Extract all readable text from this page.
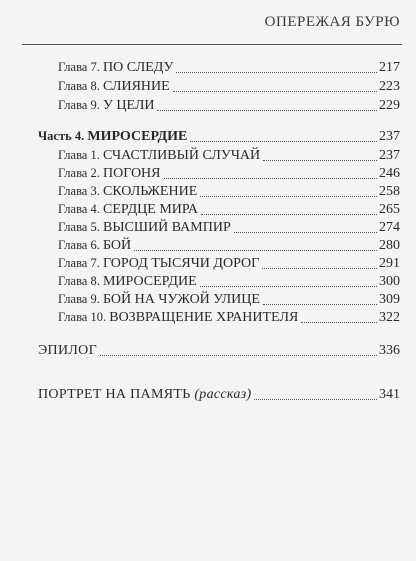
ОПЕРЕЖАЯ БУРЮ
Глава 7. ПО СЛЕДУ	217
Глава 8. СЛИЯНИЕ	223
Глава 9. У ЦЕЛИ	229
Часть 4. МИРОСЕРДИЕ	237
Глава 1. СЧАСТЛИВЫЙ СЛУЧАЙ	237
Глава 2. ПОГОНЯ	246
Глава 3. СКОЛЬЖЕНИЕ	258
Глава 4. СЕРДЦЕ МИРА	265
Глава 5. ВЫСШИЙ ВАМПИР	274
Глава 6. БОЙ	280
Глава 7. ГОРОД ТЫСЯЧИ ДОРОГ	291
Глава 8. МИРОСЕРДИЕ	300
Глава 9. БОЙ НА ЧУЖОЙ УЛИЦЕ	309
Глава 10. ВОЗВРАЩЕНИЕ ХРАНИТЕЛЯ	322
ЭПИЛОГ	336
ПОРТРЕТ НА ПАМЯТЬ (рассказ)	341
